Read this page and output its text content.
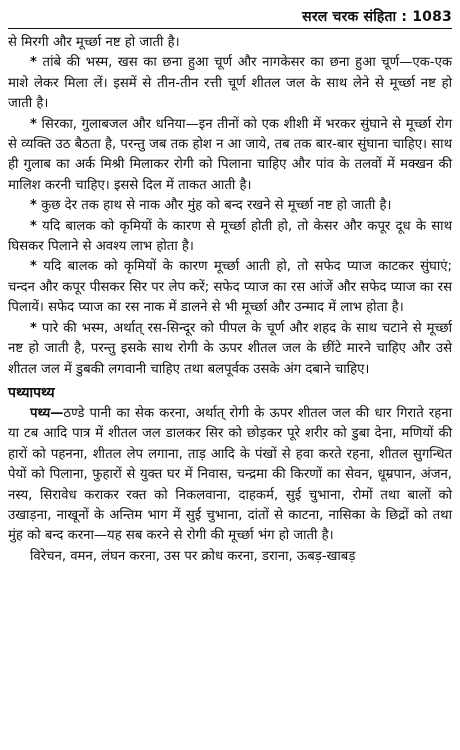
सरल चरक संहिता : 1083

से मिरगी और मूर्च्छा नष्ट हो जाती है।

* तांबे की भस्म, खस का छना हुआ चूर्ण और नागकेसर का छना हुआ चूर्ण—एक-एक माशे लेकर मिला लें। इसमें से तीन-तीन रत्ती चूर्ण शीतल जल के साथ लेने से मूर्च्छा नष्ट हो जाती है।

* सिरका, गुलाबजल और धनिया—इन तीनों को एक शीशी में भरकर सुंघाने से मूर्च्छा रोग से व्यक्ति उठ बैठता है, परन्तु जब तक होश न आ जाये, तब तक बार-बार सुंघाना चाहिए। साथ ही गुलाब का अर्क मिश्री मिलाकर रोगी को पिलाना चाहिए और पांव के तलवों में मक्खन की मालिश करनी चाहिए। इससे दिल में ताकत आती है।

* कुछ देर तक हाथ से नाक और मुंह को बन्द रखने से मूर्च्छा नष्ट हो जाती है।

* यदि बालक को कृमियों के कारण से मूर्च्छा होती हो, तो केसर और कपूर दूध के साथ घिसकर पिलाने से अवश्य लाभ होता है।

* यदि बालक को कृमियों के कारण मूर्च्छा आती हो, तो सफेद प्याज काटकर सुंघाएं; चन्दन और कपूर पीसकर सिर पर लेप करें; सफेद प्याज का रस आंजें और सफेद प्याज का रस पिलायें। सफेद प्याज का रस नाक में डालने से भी मूर्च्छा और उन्माद में लाभ होता है।

* पारे की भस्म, अर्थात् रस-सिन्दूर को पीपल के चूर्ण और शहद के साथ चटाने से मूर्च्छा नष्ट हो जाती है, परन्तु इसके साथ रोगी के ऊपर शीतल जल के छींटे मारने चाहिए और उसे शीतल जल में डुबकी लगवानी चाहिए तथा बलपूर्वक उसके अंग दबाने चाहिए।

पथ्यापथ्य

पथ्य—ठण्डे पानी का सेक करना, अर्थात् रोगी के ऊपर शीतल जल की धार गिराते रहना या टब आदि पात्र में शीतल जल डालकर सिर को छोड़कर पूरे शरीर को डुबा देना, मणियों की हारों को पहनना, शीतल लेप लगाना, ताड़ आदि के पंखों से हवा करते रहना, शीतल सुगन्धित पेयों को पिलाना, फुहारों से युक्त घर में निवास, चन्द्रमा की किरणों का सेवन, धूम्रपान, अंजन, नस्य, सिरावेध कराकर रक्त को निकलवाना, दाहकर्म, सुई चुभाना, रोमों तथा बालों को उखाड़ना, नाखूनों के अन्तिम भाग में सुई चुभाना, दांतों से काटना, नासिका के छिद्रों को तथा मुंह को बन्द करना—यह सब करने से रोगी की मूर्च्छा भंग हो जाती है।

विरेचन, वमन, लंघन करना, उस पर क्रोध करना, डराना, ऊबड़-खाबड़
